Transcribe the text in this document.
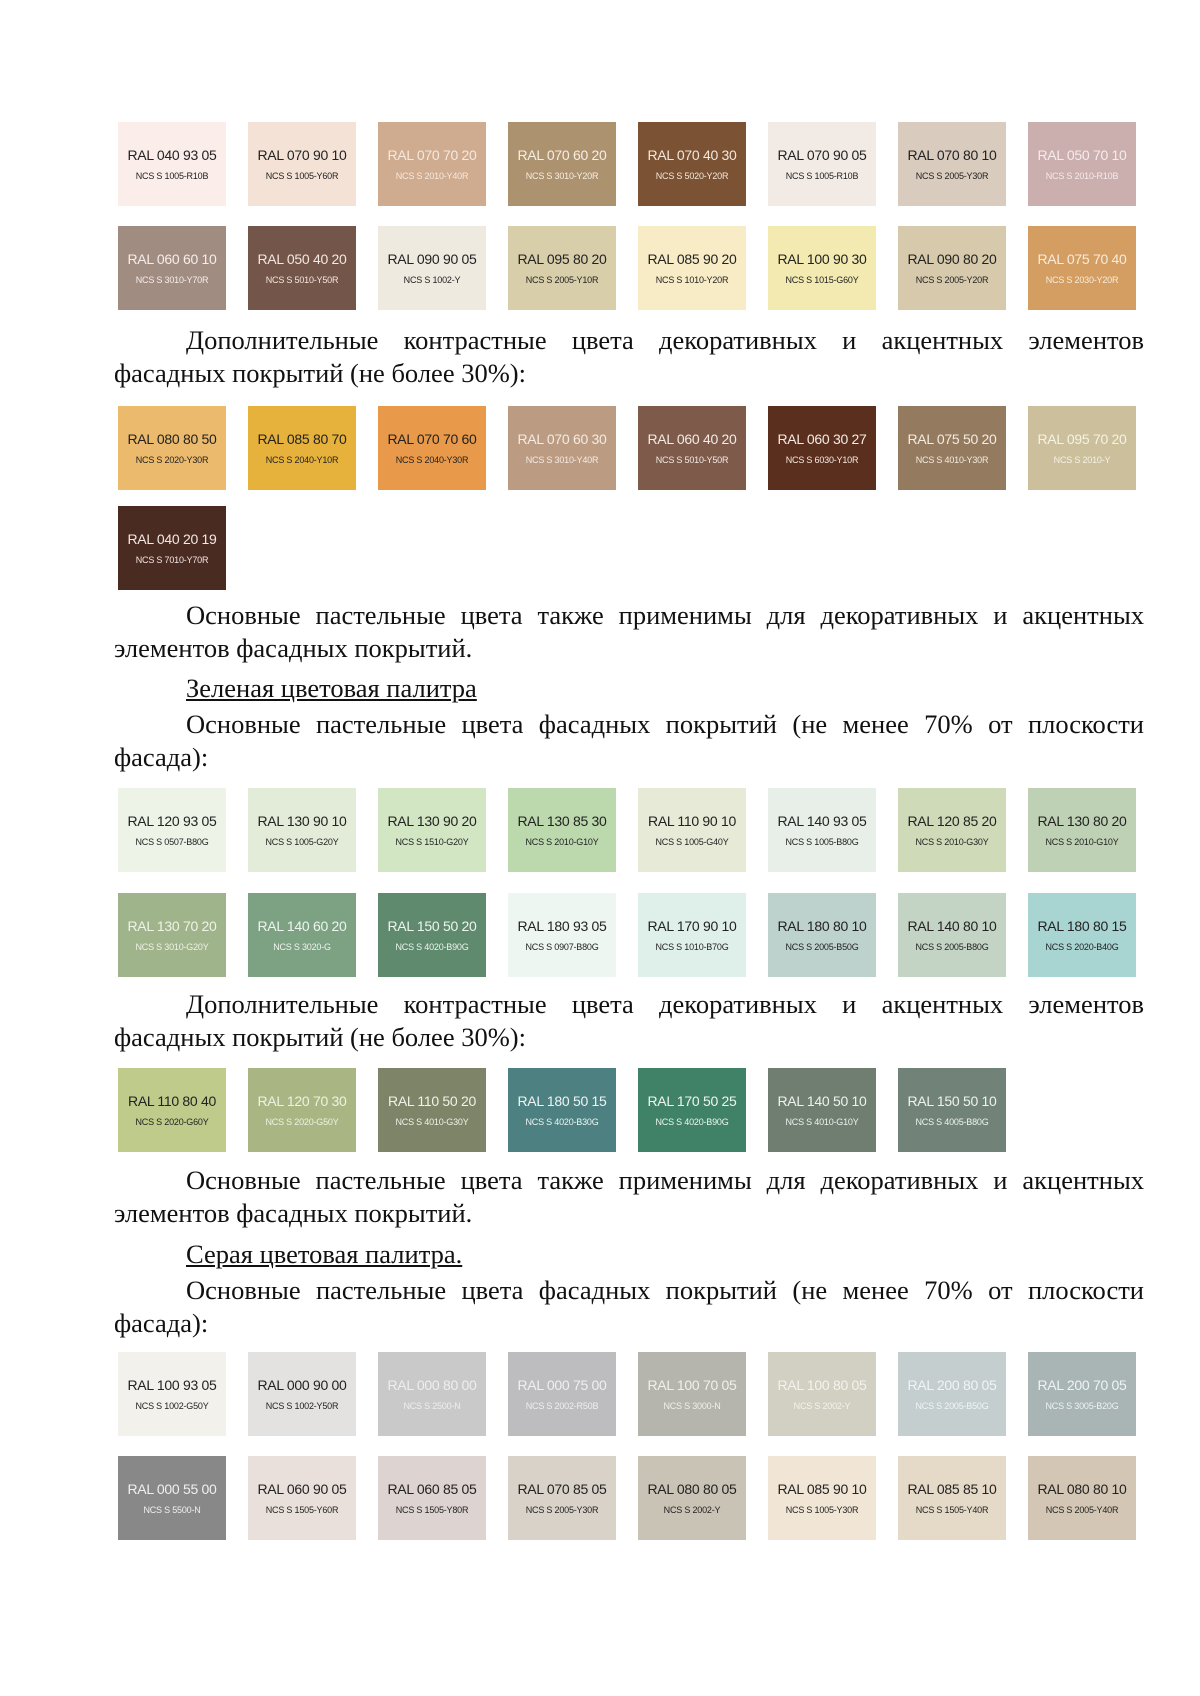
RAL 040 93 05
NCS S 1005-R10B
RAL 070 90 10
NCS S 1005-Y60R
RAL 070 70 20
NCS S 2010-Y40R
RAL 070 60 20
NCS S 3010-Y20R
RAL 070 40 30
NCS S 5020-Y20R
RAL 070 90 05
NCS S 1005-R10B
RAL 070 80 10
NCS S 2005-Y30R
RAL 050 70 10
NCS S 2010-R10B
RAL 060 60 10
NCS S 3010-Y70R
RAL 050 40 20
NCS S 5010-Y50R
RAL 090 90 05
NCS S 1002-Y
RAL 095 80 20
NCS S 2005-Y10R
RAL 085 90 20
NCS S 1010-Y20R
RAL 100 90 30
NCS S 1015-G60Y
RAL 090 80 20
NCS S 2005-Y20R
RAL 075 70 40
NCS S 2030-Y20R

Дополнительные контрастные цвета декоративных и акцентных элементов
фасадных покрытий (не более 30%):

RAL 080 80 50
NCS S 2020-Y30R
RAL 085 80 70
NCS S 2040-Y10R
RAL 070 70 60
NCS S 2040-Y30R
RAL 070 60 30
NCS S 3010-Y40R
RAL 060 40 20
NCS S 5010-Y50R
RAL 060 30 27
NCS S 6030-Y10R
RAL 075 50 20
NCS S 4010-Y30R
RAL 095 70 20
NCS S 2010-Y
RAL 040 20 19
NCS S 7010-Y70R

Основные пастельные цвета также применимы для декоративных и акцентных
элементов фасадных покрытий.

Зеленая цветовая палитра

Основные пастельные цвета фасадных покрытий (не менее 70% от плоскости
фасада):

RAL 120 93 05
NCS S 0507-B80G
RAL 130 90 10
NCS S 1005-G20Y
RAL 130 90 20
NCS S 1510-G20Y
RAL 130 85 30
NCS S 2010-G10Y
RAL 110 90 10
NCS S 1005-G40Y
RAL 140 93 05
NCS S 1005-B80G
RAL 120 85 20
NCS S 2010-G30Y
RAL 130 80 20
NCS S 2010-G10Y
RAL 130 70 20
NCS S 3010-G20Y
RAL 140 60 20
NCS S 3020-G
RAL 150 50 20
NCS S 4020-B90G
RAL 180 93 05
NCS S 0907-B80G
RAL 170 90 10
NCS S 1010-B70G
RAL 180 80 10
NCS S 2005-B50G
RAL 140 80 10
NCS S 2005-B80G
RAL 180 80 15
NCS S 2020-B40G

Дополнительные контрастные цвета декоративных и акцентных элементов
фасадных покрытий (не более 30%):

RAL 110 80 40
NCS S 2020-G60Y
RAL 120 70 30
NCS S 2020-G50Y
RAL 110 50 20
NCS S 4010-G30Y
RAL 180 50 15
NCS S 4020-B30G
RAL 170 50 25
NCS S 4020-B90G
RAL 140 50 10
NCS S 4010-G10Y
RAL 150 50 10
NCS S 4005-B80G

Основные пастельные цвета также применимы для декоративных и акцентных
элементов фасадных покрытий.

Серая цветовая палитра.

Основные пастельные цвета фасадных покрытий (не менее 70% от плоскости
фасада):

RAL 100 93 05
NCS S 1002-G50Y
RAL 000 90 00
NCS S 1002-Y50R
RAL 000 80 00
NCS S 2500-N
RAL 000 75 00
NCS S 2002-R50B
RAL 100 70 05
NCS S 3000-N
RAL 100 80 05
NCS S 2002-Y
RAL 200 80 05
NCS S 2005-B50G
RAL 200 70 05
NCS S 3005-B20G
RAL 000 55 00
NCS S 5500-N
RAL 060 90 05
NCS S 1505-Y60R
RAL 060 85 05
NCS S 1505-Y80R
RAL 070 85 05
NCS S 2005-Y30R
RAL 080 80 05
NCS S 2002-Y
RAL 085 90 10
NCS S 1005-Y30R
RAL 085 85 10
NCS S 1505-Y40R
RAL 080 80 10
NCS S 2005-Y40R
